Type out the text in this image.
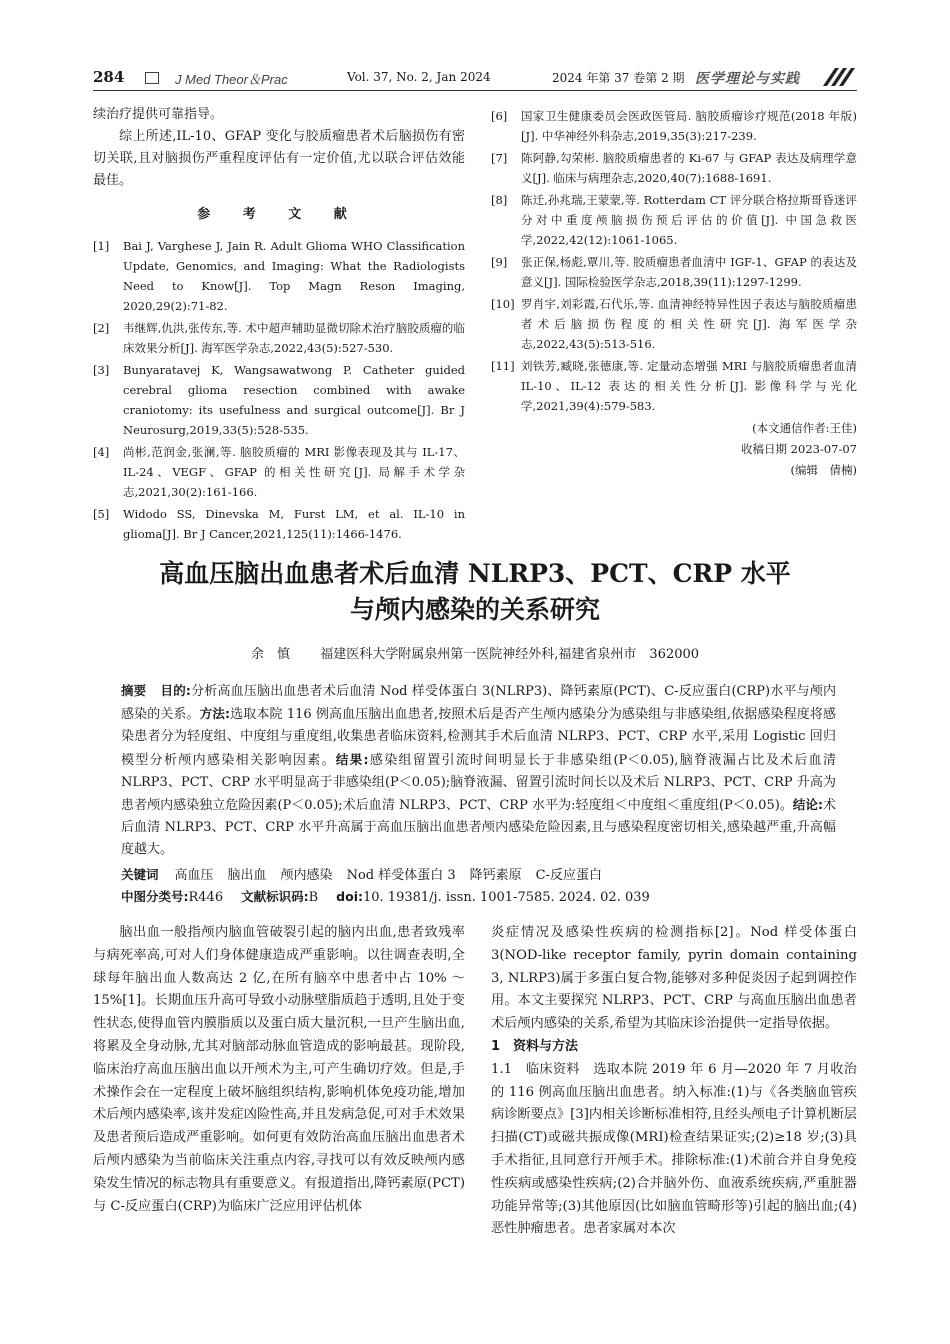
284	J Med Theor＆Prac	Vol. 37, No. 2, Jan 2024	2024 年第 37 卷第 2 期 医学理论与实践

续治疗提供可靠指导。

综上所述,IL-10、GFAP 变化与胶质瘤患者术后脑损伤有密切关联,且对脑损伤严重程度评估有一定价值,尤以联合评估效能最佳。

参 考 文 献
[1]	Bai J, Varghese J, Jain R. Adult Glioma WHO Classification Update, Genomics, and Imaging: What the Radiologists Need to Know[J]. Top Magn Reson Imaging, 2020,29(2):71-82.
[2]	韦继辉,仇洪,张传东,等. 术中超声辅助显微切除术治疗脑胶质瘤的临床效果分析[J]. 海军医学杂志,2022,43(5):527-530.
[3]	Bunyaratavej K, Wangsawatwong P. Catheter guided cerebral glioma resection combined with awake craniotomy: its usefulness and surgical outcome[J]. Br J Neurosurg,2019,33(5):528-535.
[4]	尚彬,范润金,张澜,等. 脑胶质瘤的 MRI 影像表现及其与 IL-17、IL-24、VEGF、GFAP 的相关性研究[J]. 局解手术学杂志,2021,30(2):161-166.
[5]	Widodo SS, Dinevska M, Furst LM, et al. IL-10 in glioma[J]. Br J Cancer,2021,125(11):1466-1476.
[6]	国家卫生健康委员会医政医管局. 脑胶质瘤诊疗规范(2018 年版)[J]. 中华神经外科杂志,2019,35(3):217-239.
[7]	陈阿静,勾荣彬. 脑胶质瘤患者的 Ki-67 与 GFAP 表达及病理学意义[J]. 临床与病理杂志,2020,40(7):1688-1691.
[8]	陈迁,孙兆瑞,王蒙蒙,等. Rotterdam CT 评分联合格拉斯哥昏迷评分对中重度颅脑损伤预后评估的价值[J]. 中国急救医学,2022,42(12):1061-1065.
[9]	张正保,杨彪,覃川,等. 胶质瘤患者血清中 IGF-1、GFAP 的表达及意义[J]. 国际检验医学杂志,2018,39(11):1297-1299.
[10] 罗肖宇,刘彩霞,石代乐,等. 血清神经特异性因子表达与脑胶质瘤患者术后脑损伤程度的相关性研究[J]. 海军医学杂志,2022,43(5):513-516.
[11] 刘铁芳,臧晓,张德康,等. 定量动态增强 MRI 与脑胶质瘤患者血清 IL-10、IL-12 表达的相关性分析[J]. 影像科学与光化学,2021,39(4):579-583.
(本文通信作者:王佳)
收稿日期 2023-07-07
(编辑　倩楠)
高血压脑出血患者术后血清 NLRP3、PCT、CRP 水平
与颅内感染的关系研究
余　慎 福建医科大学附属泉州第一医院神经外科,福建省泉州市　362000
摘要 目的:分析高血压脑出血患者术后血清 Nod 样受体蛋白 3(NLRP3)、降钙素原(PCT)、C-反应蛋白(CRP)水平与颅内感染的关系。方法:选取本院 116 例高血压脑出血患者,按照术后是否产生颅内感染分为感染组与非感染组,依据感染程度将感染患者分为轻度组、中度组与重度组,收集患者临床资料,检测其手术后血清 NLRP3、PCT、CRP 水平,采用 Logistic 回归模型分析颅内感染相关影响因素。结果:感染组留置引流时间明显长于非感染组(P＜0.05),脑脊液漏占比及术后血清 NLRP3、PCT、CRP 水平明显高于非感染组(P＜0.05);脑脊液漏、留置引流时间长以及术后 NLRP3、PCT、CRP 升高为患者颅内感染独立危险因素(P＜0.05);术后血清 NLRP3、PCT、CRP 水平为:轻度组＜中度组＜重度组(P＜0.05)。结论:术后血清 NLRP3、PCT、CRP 水平升高属于高血压脑出血患者颅内感染危险因素,且与感染程度密切相关,感染越严重,升高幅度越大。
关键词 高血压 脑出血 颅内感染 Nod 样受体蛋白 3 降钙素原 C-反应蛋白
中图分类号:R446 文献标识码:B doi:10. 19381/j. issn. 1001-7585. 2024. 02. 039

脑出血一般指颅内脑血管破裂引起的脑内出血,患者致残率与病死率高,可对人们身体健康造成严重影响。以往调查表明,全球每年脑出血人数高达 2 亿,在所有脑卒中患者中占 10% ～15%[1]。长期血压升高可导致小动脉壁脂质趋于透明,且处于变性状态,使得血管内膜脂质以及蛋白质大量沉积,一旦产生脑出血,将累及全身动脉,尤其对脑部动脉血管造成的影响最甚。现阶段,临床治疗高血压脑出血以开颅术为主,可产生确切疗效。但是,手术操作会在一定程度上破坏脑组织结构,影响机体免疫功能,增加术后颅内感染率,该并发症凶险性高,并且发病急促,可对手术效果及患者预后造成严重影响。如何更有效防治高血压脑出血患者术后颅内感染为当前临床关注重点内容,寻找可以有效反映颅内感染发生情况的标志物具有重要意义。有报道指出,降钙素原(PCT)与 C-反应蛋白(CRP)为临床广泛应用评估机体

炎症情况及感染性疾病的检测指标[2]。Nod 样受体蛋白 3(NOD-like receptor family, pyrin domain containing 3, NLRP3)属于多蛋白复合物,能够对多种促炎因子起到调控作用。本文主要探究 NLRP3、PCT、CRP 与高血压脑出血患者术后颅内感染的关系,希望为其临床诊治提供一定指导依据。

1　资料与方法

1.1　临床资料　选取本院 2019 年 6 月—2020 年 7 月收治的 116 例高血压脑出血患者。纳入标准:(1)与《各类脑血管疾病诊断要点》[3]内相关诊断标准相符,且经头颅电子计算机断层扫描(CT)或磁共振成像(MRI)检查结果证实;(2)≥18 岁;(3)具手术指征,且同意行开颅手术。排除标准:(1)术前合并自身免疫性疾病或感染性疾病;(2)合并脑外伤、血液系统疾病,严重脏器功能异常等;(3)其他原因(比如脑血管畸形等)引起的脑出血;(4)恶性肿瘤患者。患者家属对本次
